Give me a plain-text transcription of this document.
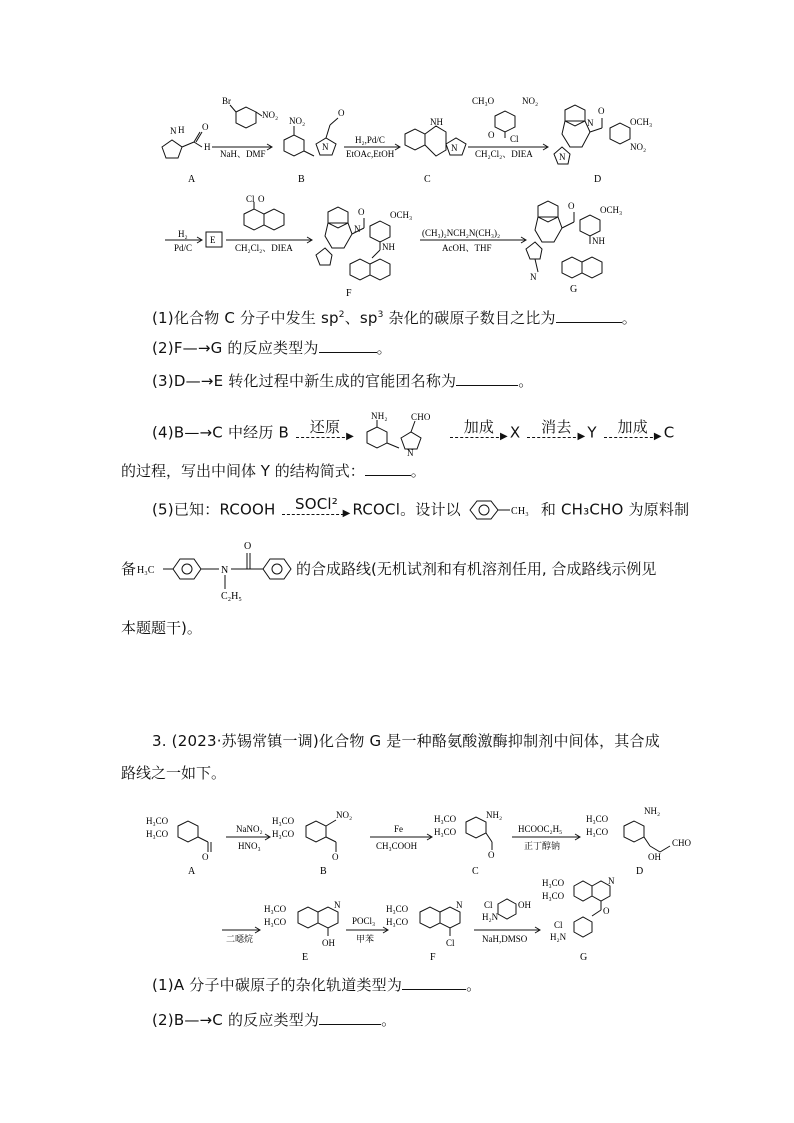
H
N	O
H
Br
NO₂
NaH、DMF
NO₂
O
N
H₂,Pd/C
EtOAc,EtOH
NH
N
CH₃O	NO₂
O Cl
CH₂Cl₂、DIEA
N
O
OCH₃
NO₂
N
A	B	C	D
H₂
Pd/C
E
Cl O
CH₂Cl₂、DIEA
O	OCH₃
NH
N	(CH₃)₂NCH₂N(CH₃)₂
AcOH、THF
O	OCH₃
NH
N
F	G
(1)化合物 C 分子中发生 $sp^2$、$sp^3$ 杂化的碳原子数目之比为	。
(2)F—→G 的反应类型为	。
(3)D—→E 转化过程中新生成的官能团名称为	。
(4)B—→C 中经历 B	还原
▶

NH₂	CHO
N

加成
▶ X	消去
▶ Y	加成
▶ C
的过程，写出中间体 Y 的结构简式：	。
(5)已知：RCOOH	SOCl²
▶ RCOCl。设计以	CH₃ 和 CH₃CHO 为原料制
备 H₃C	N
O
C₂H₅
的合成路线(无机试剂和有机溶剂任用, 合成路线示例见
本题题干)。
3. (2023·苏锡常镇一调)化合物 G 是一种酪氨酸激酶抑制剂中间体，其合成
路线之一如下。
H₃CO
H₃CO
O
NaNO₂
HNO₃
H₃CO
H₃CO
NO₂
O
Fe
CH₃COOH
H₃CO
H₃CO
NH₂
O
HCOOC₂H₅
正丁醇钠
H₃CO
H₃CO
NH₂
OH
CHO
A	B	C	D
二噁烷
H₃CO
H₃CO
N
OH
POCl₃
甲苯
H₃CO
H₃CO
N
Cl
Cl
H₂N
OH
NaH,DMSO
H₃CO
H₃CO
N
O
Cl
H₂N
E	F	G
(1)A 分子中碳原子的杂化轨道类型为	。
(2)B—→C 的反应类型为	。
